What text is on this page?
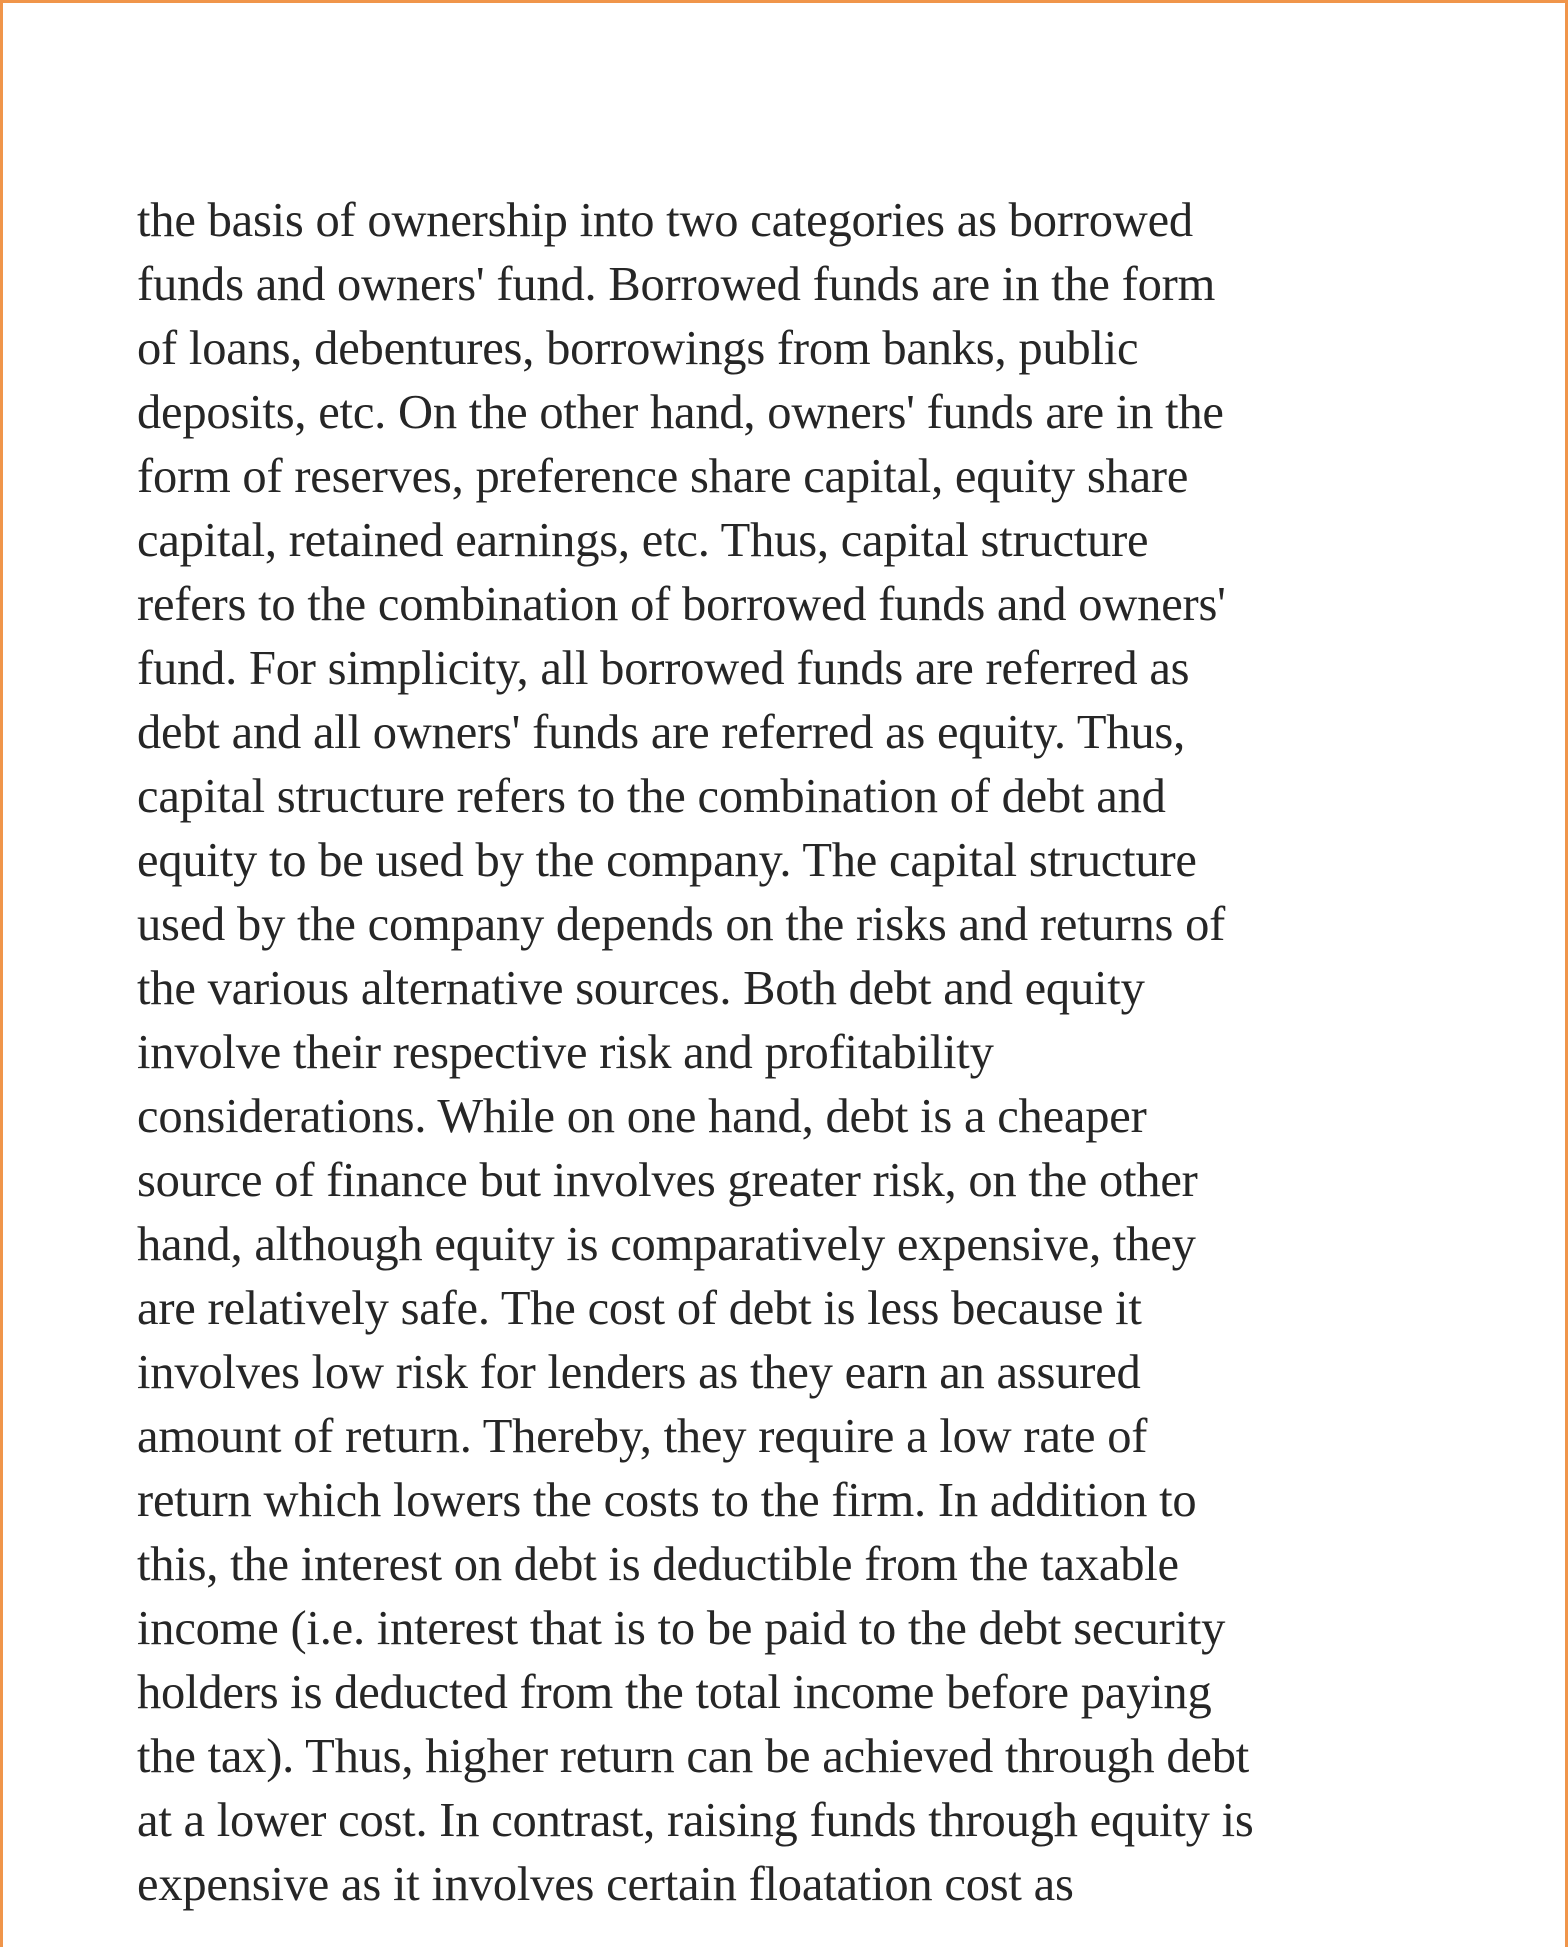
the basis of ownership into two categories as borrowed
funds and owners' fund. Borrowed funds are in the form
of loans, debentures, borrowings from banks, public
deposits, etc. On the other hand, owners' funds are in the
form of reserves, preference share capital, equity share
capital, retained earnings, etc. Thus, capital structure
refers to the combination of borrowed funds and owners'
fund. For simplicity, all borrowed funds are referred as
debt and all owners' funds are referred as equity. Thus,
capital structure refers to the combination of debt and
equity to be used by the company. The capital structure
used by the company depends on the risks and returns of
the various alternative sources. Both debt and equity
involve their respective risk and profitability
considerations. While on one hand, debt is a cheaper
source of finance but involves greater risk, on the other
hand, although equity is comparatively expensive, they
are relatively safe. The cost of debt is less because it
involves low risk for lenders as they earn an assured
amount of return. Thereby, they require a low rate of
return which lowers the costs to the firm. In addition to
this, the interest on debt is deductible from the taxable
income (i.e. interest that is to be paid to the debt security
holders is deducted from the total income before paying
the tax). Thus, higher return can be achieved through debt
at a lower cost. In contrast, raising funds through equity is
expensive as it involves certain floatation cost as
